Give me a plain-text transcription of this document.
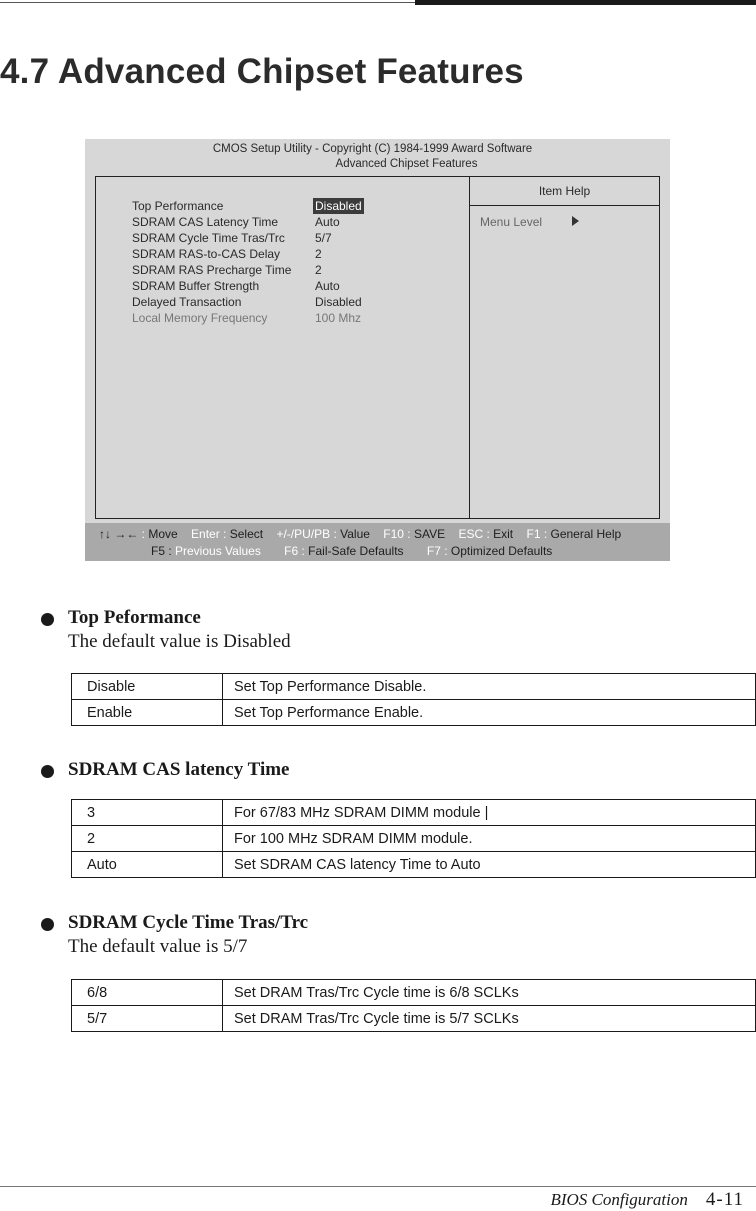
4.7 Advanced Chipset Features
CMOS Setup Utility - Copyright (C) 1984-1999 Award Software
Advanced Chipset Features
Item Help
Menu Level
Top Performance	Disabled
SDRAM CAS Latency Time	Auto
SDRAM Cycle Time Tras/Trc	5/7
SDRAM RAS-to-CAS Delay	2
SDRAM RAS Precharge Time 2
SDRAM Buffer Strength	Auto
Delayed Transaction	Disabled
Local Memory Frequency	100 Mhz
↑↓ →← : Move Enter : Select +/-/PU/PB : Value F10 : SAVE ESC : Exit F1 : General Help
F5 : Previous Values F6 : Fail-Safe Defaults F7 : Optimized Defaults
Top Peformance
The default value is Disabled
Disable	Set Top Performance Disable.
Enable	Set Top Performance Enable.
SDRAM CAS latency Time
3	For 67/83 MHz SDRAM DIMM module |
2	For 100 MHz SDRAM DIMM module.
Auto	Set SDRAM CAS latency Time to Auto
SDRAM Cycle Time Tras/Trc
The default value is 5/7
6/8	Set DRAM Tras/Trc Cycle time is 6/8 SCLKs
5/7	Set DRAM Tras/Trc Cycle time is 5/7 SCLKs
BIOS Configuration 4-11
